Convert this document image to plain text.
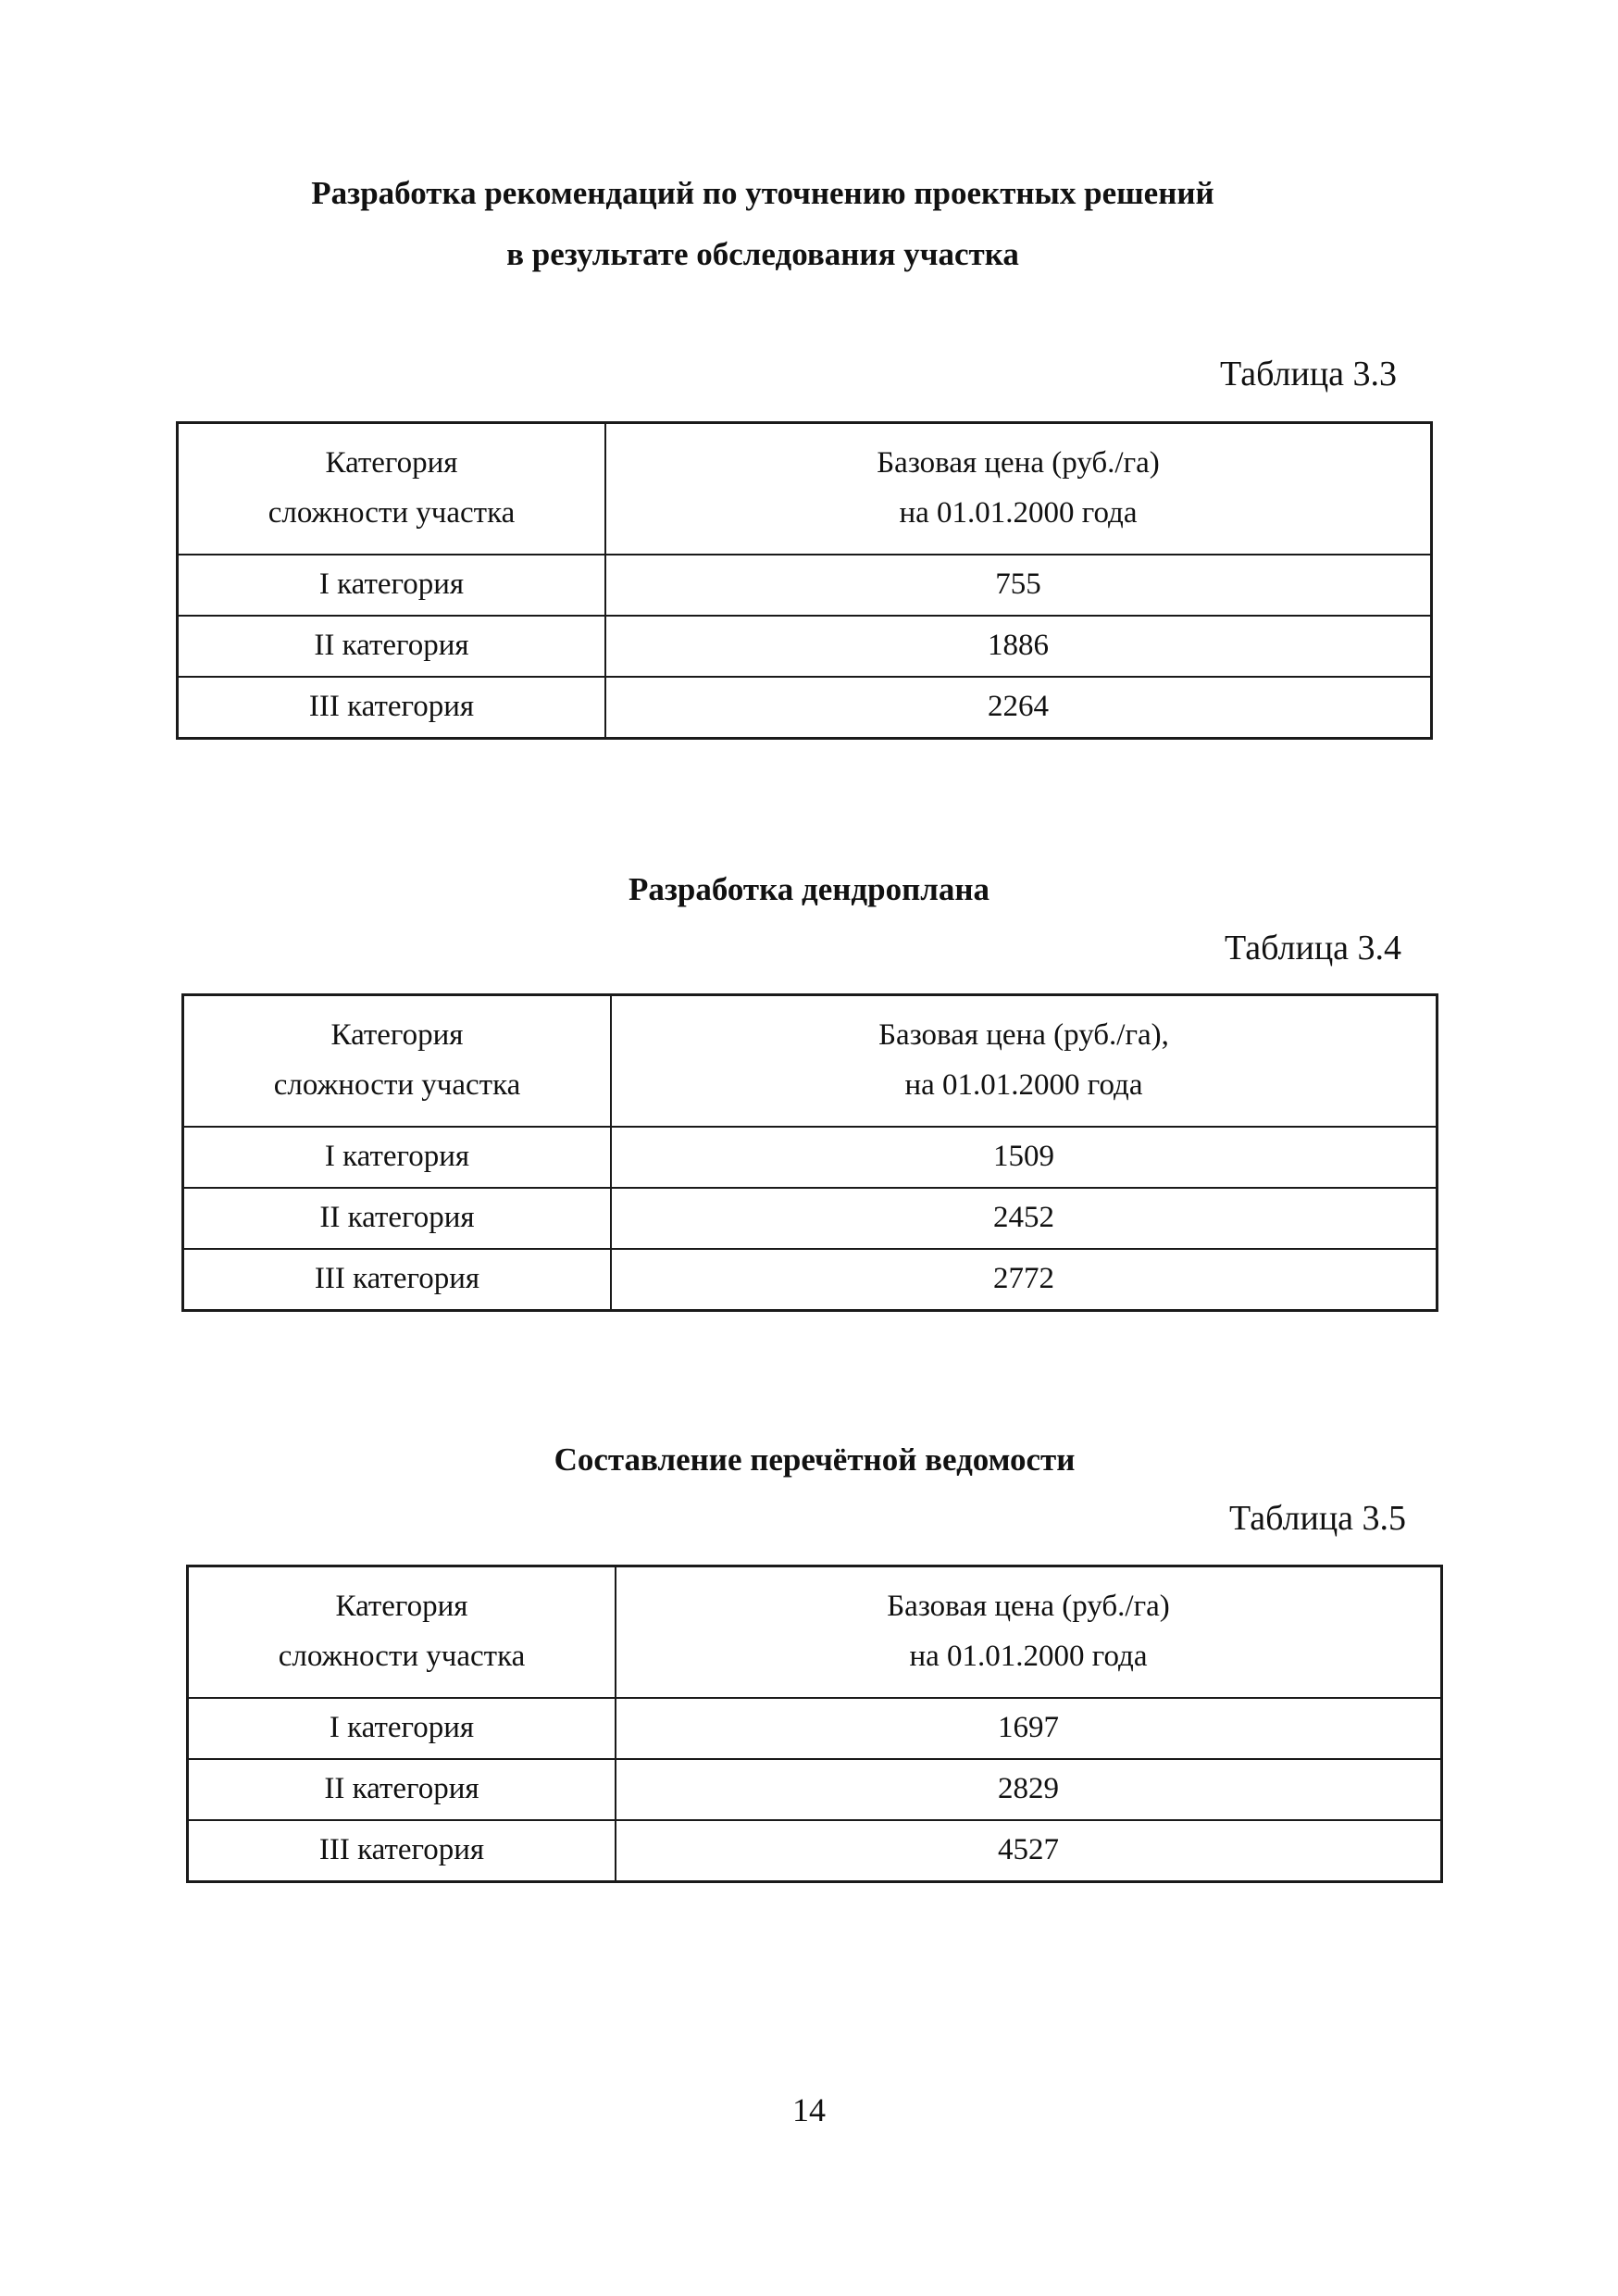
Разработка рекомендаций по уточнению проектных решений
в результате обследования участка
Таблица 3.3
Категория
сложности участка	Базовая цена (руб./га)
на 01.01.2000 года

I категория	755
II категория	1886
III категория	2264
Разработка дендроплана
Таблица 3.4
Категория
сложности участка	Базовая цена (руб./га),
на 01.01.2000 года

I категория	1509
II категория	2452
III категория	2772
Составление перечётной ведомости
Таблица 3.5
Категория
сложности участка	Базовая цена (руб./га)
на 01.01.2000 года

I категория	1697
II категория	2829
III категория	4527
14
